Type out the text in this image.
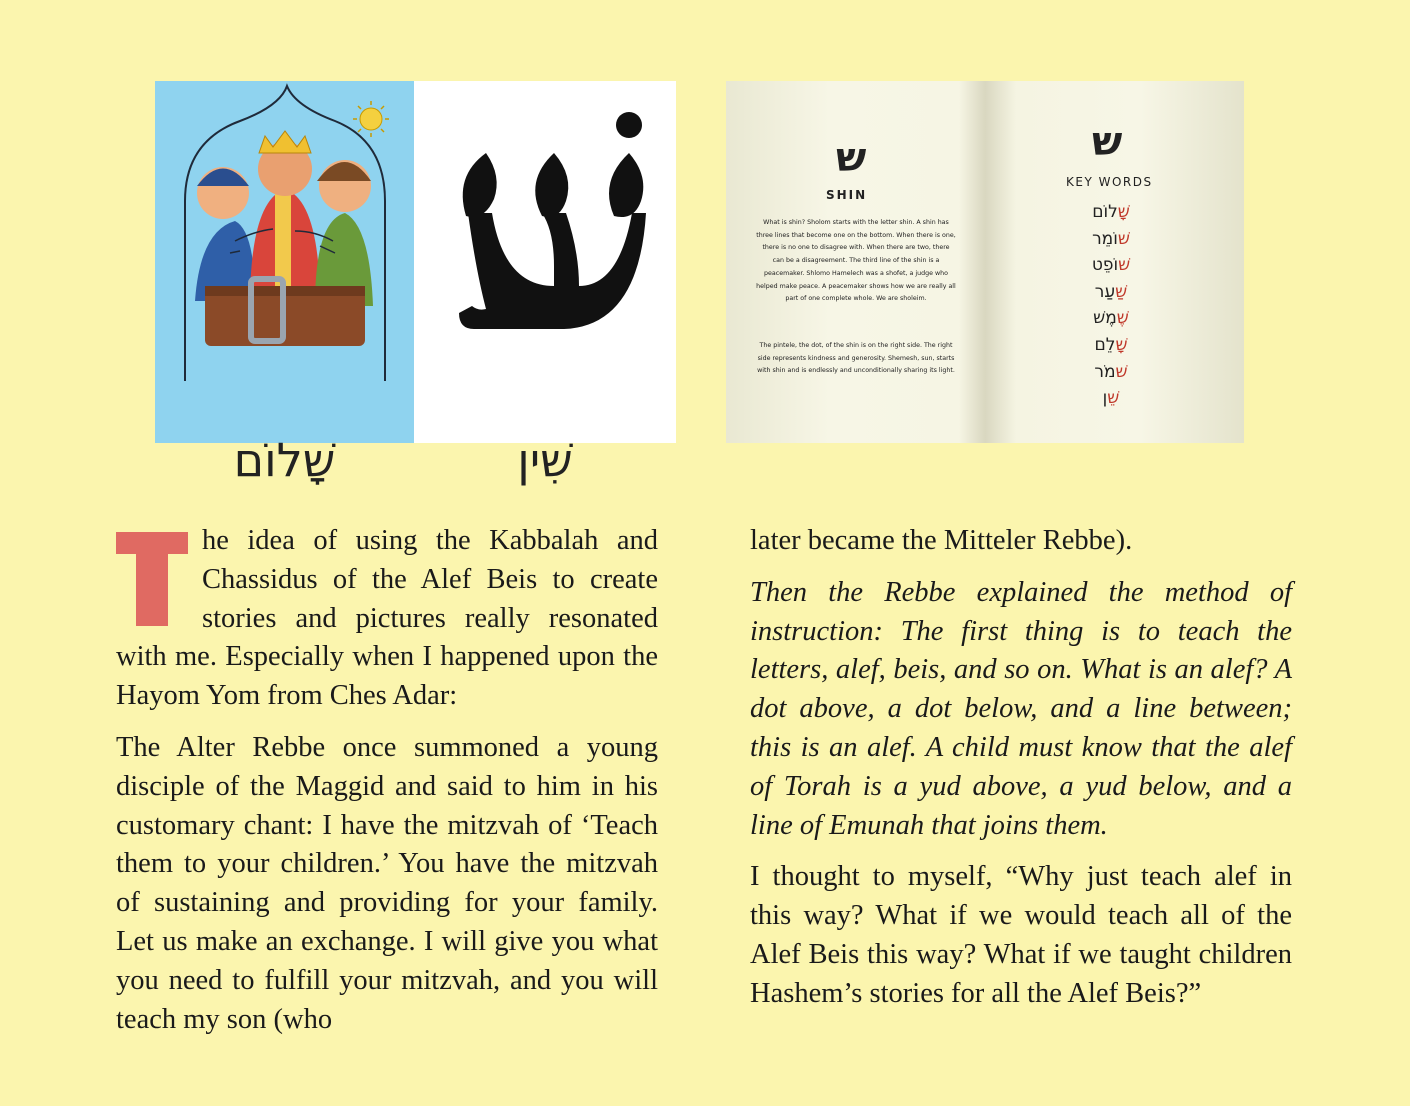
שָׁלוֹם	שִׁין
ש
SHIN
What is shin? Sholom starts with the letter shin. A shin has three lines that become one on the bottom. When there is one, there is no one to disagree with. When there are two, there can be a disagreement. The third line of the shin is a peacemaker. Shlomo Hamelech was a shofet, a judge who helped make peace. A peacemaker shows how we are really all part of one complete whole. We are sholeim.
The pintele, the dot, of the shin is on the right side. The right side represents kindness and generosity. Shemesh, sun, starts with shin and is endlessly and unconditionally sharing its light.
ש
KEY WORDS
שָׁלוֹם
שׁוֹמֵר
שׁוֹפֵט
שַׁעַר
שֶׁמֶשׁ
שָׁלֵם
שׁמֹר
שֵׁן

he idea of using the Kabbalah and Chassidus of the Alef Beis to create stories and pictures really resonated with me. Especially when I happened upon the Hayom Yom from Ches Adar:

The Alter Rebbe once summoned a young disciple of the Maggid and said to him in his customary chant: I have the mitzvah of ‘Teach them to your children.’ You have the mitzvah of sustaining and providing for your family. Let us make an exchange. I will give you what you need to fulfill your mitzvah, and you will teach my son (who

later became the Mitteler Rebbe).

Then the Rebbe explained the method of instruction: The first thing is to teach the letters, alef, beis, and so on. What is an alef? A dot above, a dot below, and a line between; this is an alef. A child must know that the alef of Torah is a yud above, a yud below, and a line of Emunah that joins them.

I thought to myself, “Why just teach alef in this way? What if we would teach all of the Alef Beis this way? What if we taught children Hashem’s stories for all the Alef Beis?”
